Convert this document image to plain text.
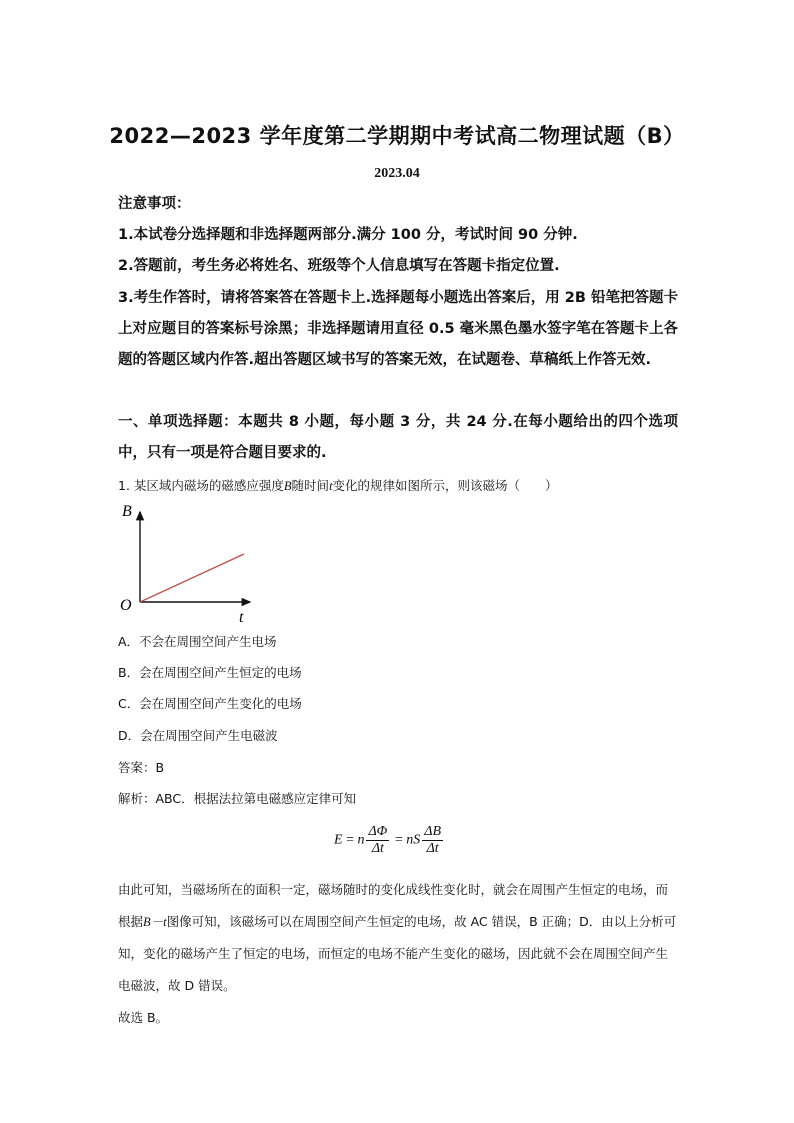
2022—2023 学年度第二学期期中考试高二物理试题（B）
2023.04
注意事项：
1.本试卷分选择题和非选择题两部分.满分 100 分，考试时间 90 分钟.
2.答题前，考生务必将姓名、班级等个人信息填写在答题卡指定位置.
3.考生作答时，请将答案答在答题卡上.选择题每小题选出答案后，用 2B 铅笔把答题卡上对应题目的答案标号涂黑；非选择题请用直径 0.5 毫米黑色墨水签字笔在答题卡上各题的答题区域内作答.超出答题区域书写的答案无效，在试题卷、草稿纸上作答无效.
一、单项选择题：本题共 8 小题，每小题 3 分，共 24 分.在每小题给出的四个选项中，只有一项是符合题目要求的.
1. 某区域内磁场的磁感应强度B随时间t变化的规律如图所示，则该磁场（　　）
B
t
O
A．不会在周围空间产生电场
B．会在周围空间产生恒定的电场
C．会在周围空间产生变化的电场
D．会在周围空间产生电磁波
答案：B
解析：ABC．根据法拉第电磁感应定律可知
E = n $\frac{\Delta\Phi}{\Delta t}$ = nS $\frac{\Delta B}{\Delta t}$
由此可知，当磁场所在的面积一定，磁场随时的变化成线性变化时，就会在周围产生恒定的电场，而根据B－t图像可知，该磁场可以在周围空间产生恒定的电场，故 AC 错误，B 正确；D．由以上分析可知，变化的磁场产生了恒定的电场，而恒定的电场不能产生变化的磁场，因此就不会在周围空间产生电磁波，故 D 错误。
故选 B。
